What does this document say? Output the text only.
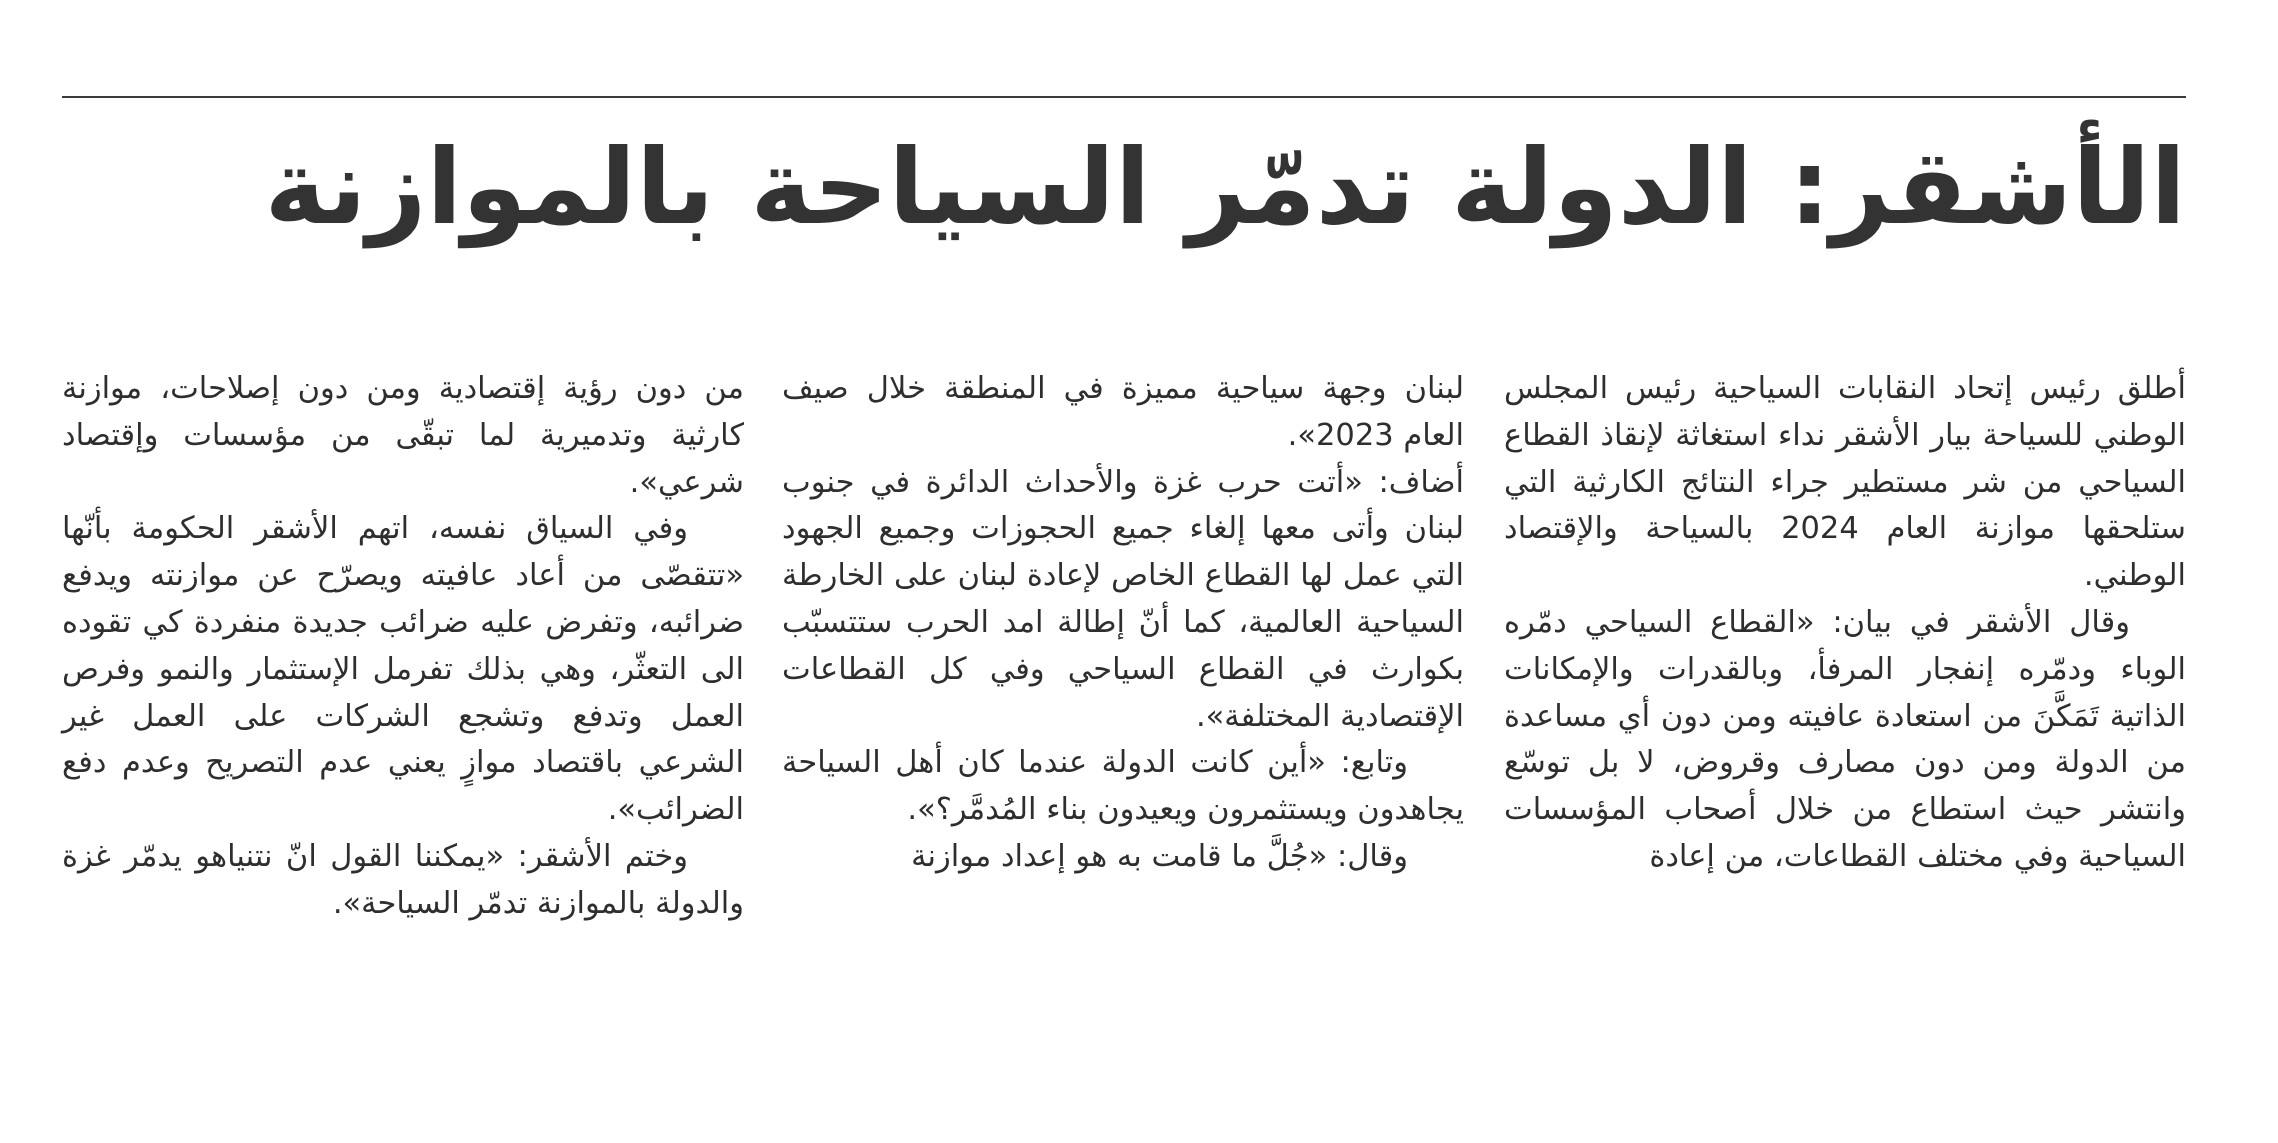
الأشقر: الدولة تدمّر السياحة بالموازنة

أطلق رئيس إتحاد النقابات السياحية رئيس المجلس الوطني للسياحة بيار الأشقر نداء استغاثة لإنقاذ القطاع السياحي من شر مستطير جراء النتائج الكارثية التي ستلحقها موازنة العام 2024 بالسياحة والإقتصاد الوطني.

وقال الأشقر في بيان: «القطاع السياحي دمّره الوباء ودمّره إنفجار المرفأ، وبالقدرات والإمكانات الذاتية تَمَكَّنَ من استعادة عافيته ومن دون أي مساعدة من الدولة ومن دون مصارف وقروض، لا بل توسّع وانتشر حيث استطاع من خلال أصحاب المؤسسات السياحية وفي مختلف القطاعات، من إعادة

لبنان وجهة سياحية مميزة في المنطقة خلال صيف العام 2023».

أضاف: «أتت حرب غزة والأحداث الدائرة في جنوب لبنان وأتى معها إلغاء جميع الحجوزات وجميع الجهود التي عمل لها القطاع الخاص لإعادة لبنان على الخارطة السياحية العالمية، كما أنّ إطالة امد الحرب ستتسبّب بكوارث في القطاع السياحي وفي كل القطاعات الإقتصادية المختلفة».

وتابع: «أين كانت الدولة عندما كان أهل السياحة يجاهدون ويستثمرون ويعيدون بناء المُدمَّر؟».

وقال: «جُلَّ ما قامت به هو إعداد موازنة

من دون رؤية إقتصادية ومن دون إصلاحات، موازنة كارثية وتدميرية لما تبقّى من مؤسسات وإقتصاد شرعي».

وفي السياق نفسه، اتهم الأشقر الحكومة بأنّها «تتقصّى من أعاد عافيته ويصرّح عن موازنته ويدفع ضرائبه، وتفرض عليه ضرائب جديدة منفردة كي تقوده الى التعثّر، وهي بذلك تفرمل الإستثمار والنمو وفرص العمل وتدفع وتشجع الشركات على العمل غير الشرعي باقتصاد موازٍ يعني عدم التصريح وعدم دفع الضرائب».

وختم الأشقر: «يمكننا القول انّ نتنياهو يدمّر غزة والدولة بالموازنة تدمّر السياحة».
